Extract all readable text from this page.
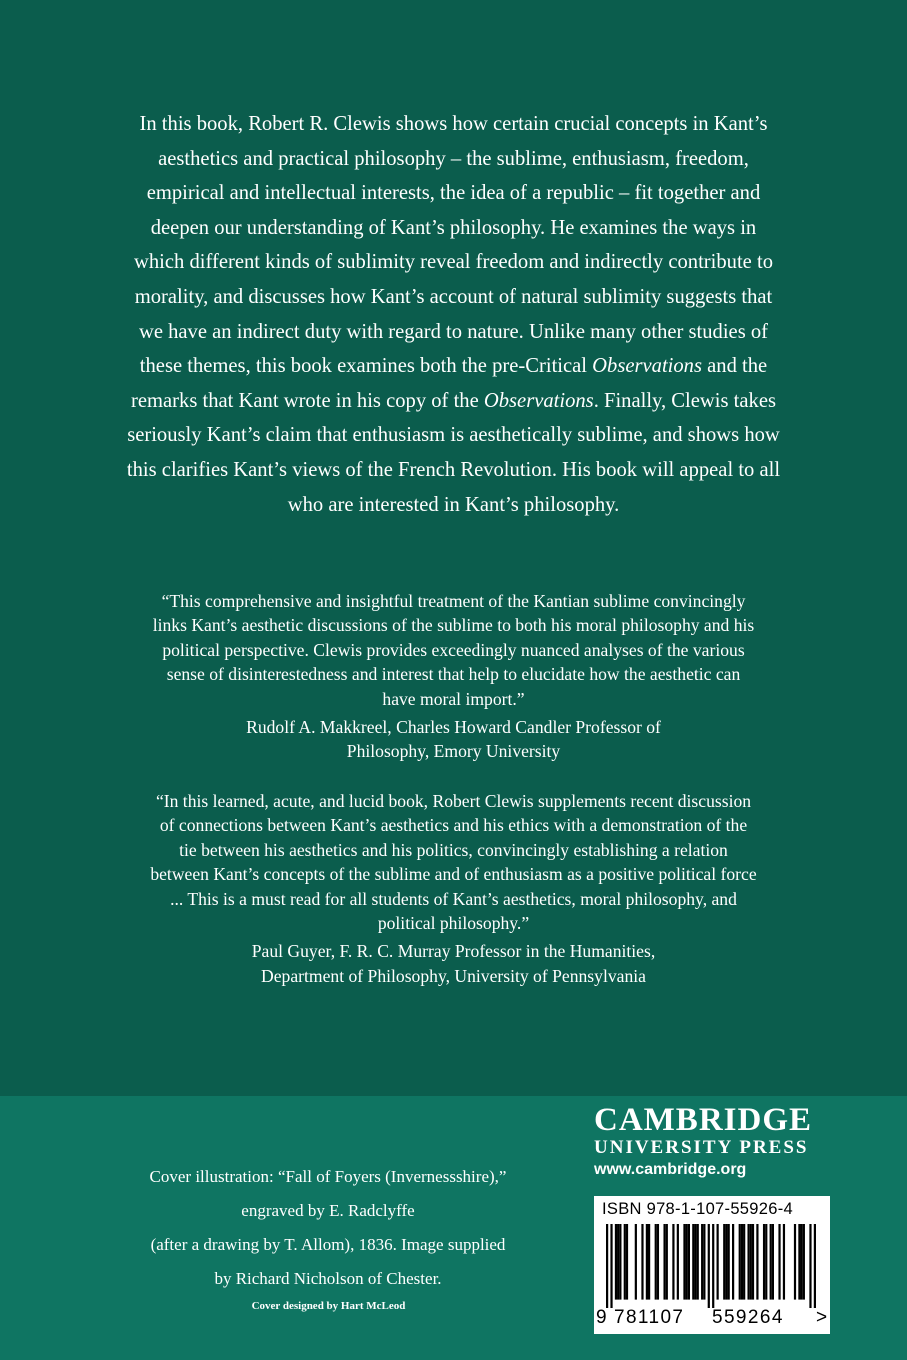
In this book, Robert R. Clewis shows how certain crucial concepts in Kant’s aesthetics and practical philosophy – the sublime, enthusiasm, freedom, empirical and intellectual interests, the idea of a republic – fit together and deepen our understanding of Kant’s philosophy. He examines the ways in which different kinds of sublimity reveal freedom and indirectly contribute to morality, and discusses how Kant’s account of natural sublimity suggests that we have an indirect duty with regard to nature. Unlike many other studies of these themes, this book examines both the pre-Critical Observations and the remarks that Kant wrote in his copy of the Observations. Finally, Clewis takes seriously Kant’s claim that enthusiasm is aesthetically sublime, and shows how this clarifies Kant’s views of the French Revolution. His book will appeal to all who are interested in Kant’s philosophy.

“This comprehensive and insightful treatment of the Kantian sublime convincingly links Kant’s aesthetic discussions of the sublime to both his moral philosophy and his political perspective. Clewis provides exceedingly nuanced analyses of the various sense of disinterestedness and interest that help to elucidate how the aesthetic can have moral import.”

Rudolf A. Makkreel, Charles Howard Candler Professor of

Philosophy, Emory University

“In this learned, acute, and lucid book, Robert Clewis supplements recent discussion of connections between Kant’s aesthetics and his ethics with a demonstration of the tie between his aesthetics and his politics, convincingly establishing a relation between Kant’s concepts of the sublime and of enthusiasm as a positive political force ... This is a must read for all students of Kant’s aesthetics, moral philosophy, and political philosophy.”

Paul Guyer, F. R. C. Murray Professor in the Humanities,

Department of Philosophy, University of Pennsylvania

Cover illustration: “Fall of Foyers (Invernessshire),”

engraved by E. Radclyffe

(after a drawing by T. Allom), 1836. Image supplied

by Richard Nicholson of Chester.

Cover designed by Hart McLeod

CAMBRIDGE

UNIVERSITY PRESS

www.cambridge.org

ISBN 978-1-107-55926-4

9 781107 559264 >
